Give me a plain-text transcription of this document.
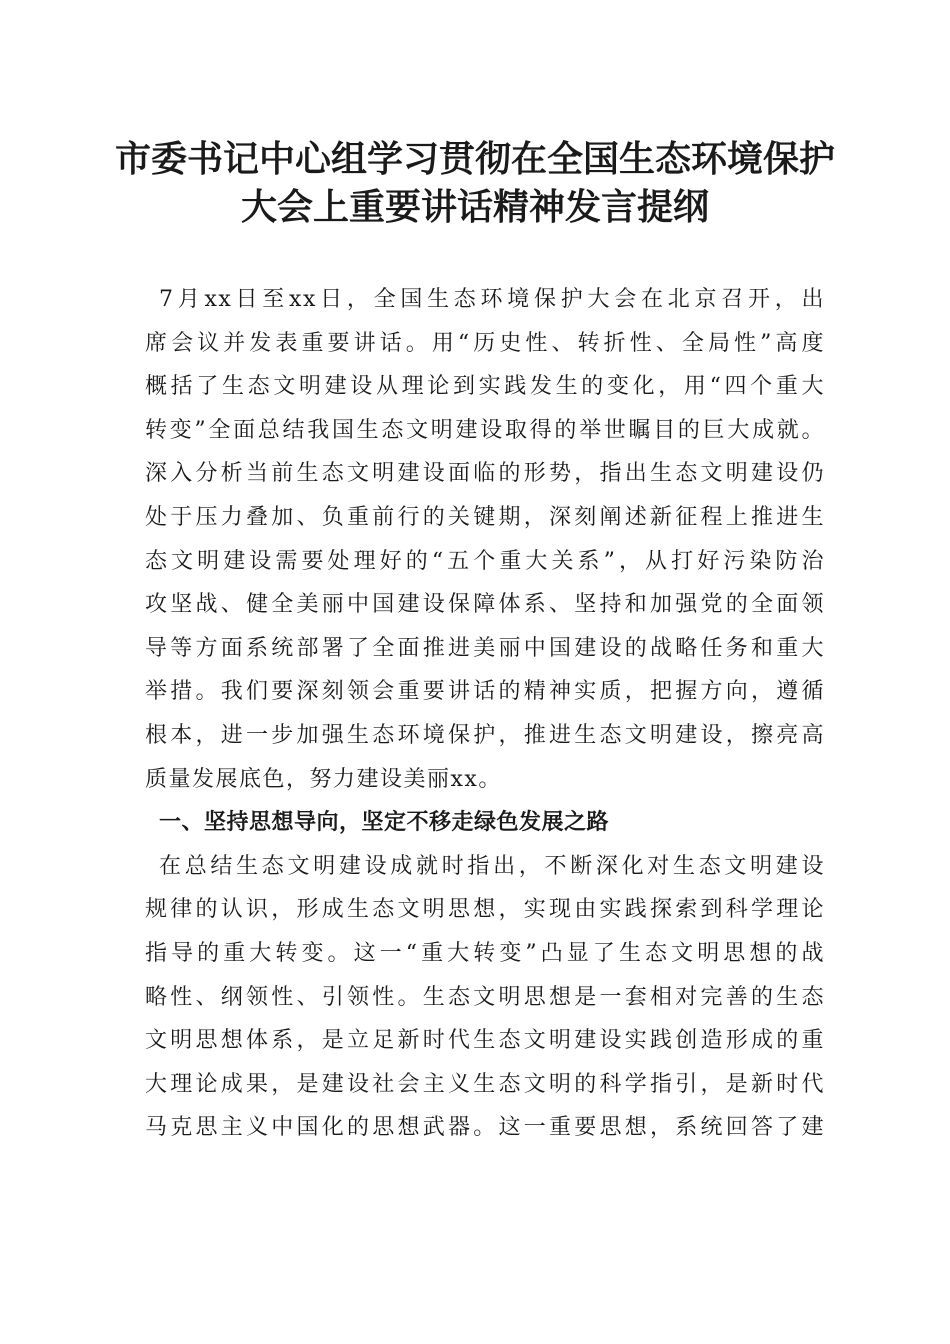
市委书记中心组学习贯彻在全国生态环境保护
大会上重要讲话精神发言提纲
7月xx日至xx日，全国生态环境保护大会在北京召开，出
席会议并发表重要讲话。用“历史性、转折性、全局性”高度
概括了生态文明建设从理论到实践发生的变化，用“四个重大
转变”全面总结我国生态文明建设取得的举世瞩目的巨大成就。
深入分析当前生态文明建设面临的形势，指出生态文明建设仍
处于压力叠加、负重前行的关键期，深刻阐述新征程上推进生
态文明建设需要处理好的“五个重大关系”，从打好污染防治
攻坚战、健全美丽中国建设保障体系、坚持和加强党的全面领
导等方面系统部署了全面推进美丽中国建设的战略任务和重大
举措。我们要深刻领会重要讲话的精神实质，把握方向，遵循
根本，进一步加强生态环境保护，推进生态文明建设，擦亮高
质量发展底色，努力建设美丽xx。
一、坚持思想导向，坚定不移走绿色发展之路
在总结生态文明建设成就时指出，不断深化对生态文明建设
规律的认识，形成生态文明思想，实现由实践探索到科学理论
指导的重大转变。这一“重大转变”凸显了生态文明思想的战
略性、纲领性、引领性。生态文明思想是一套相对完善的生态
文明思想体系，是立足新时代生态文明建设实践创造形成的重
大理论成果，是建设社会主义生态文明的科学指引，是新时代
马克思主义中国化的思想武器。这一重要思想，系统回答了建
